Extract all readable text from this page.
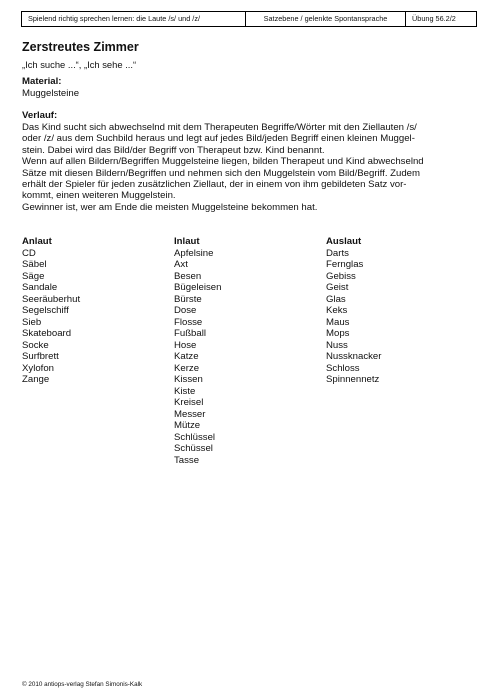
Spielend richtig sprechen lernen: die Laute /s/ und /z/	Satzebene / gelenkte Spontansprache	Übung 56.2/2
Zerstreutes Zimmer
„Ich suche ...“, „Ich sehe ...“
Material:
Muggelsteine
Verlauf:
Das Kind sucht sich abwechselnd mit dem Therapeuten Begriffe/Wörter mit den Ziellauten /s/
oder /z/ aus dem Suchbild heraus und legt auf jedes Bild/jeden Begriff einen kleinen Muggel-
stein. Dabei wird das Bild/der Begriff von Therapeut bzw. Kind benannt.
Wenn auf allen Bildern/Begriffen Muggelsteine liegen, bilden Therapeut und Kind abwechselnd
Sätze mit diesen Bildern/Begriffen und nehmen sich den Muggelstein vom Bild/Begriff. Zudem
erhält der Spieler für jeden zusätzlichen Ziellaut, der in einem von ihm gebildeten Satz vor-
kommt, einen weiteren Muggelstein.
Gewinner ist, wer am Ende die meisten Muggelsteine bekommen hat.
Anlaut
CD
Säbel
Säge
Sandale
Seeräuberhut
Segelschiff
Sieb
Skateboard
Socke
Surfbrett
Xylofon
Zange
Inlaut
Apfelsine
Axt
Besen
Bügeleisen
Bürste
Dose
Flosse
Fußball
Hose
Katze
Kerze
Kissen
Kiste
Kreisel
Messer
Mütze
Schlüssel
Schüssel
Tasse
Auslaut
Darts
Fernglas
Gebiss
Geist
Glas
Keks
Maus
Mops
Nuss
Nussknacker
Schloss
Spinnennetz
© 2010 antiops-verlag Stefan Simonis-Kalk
